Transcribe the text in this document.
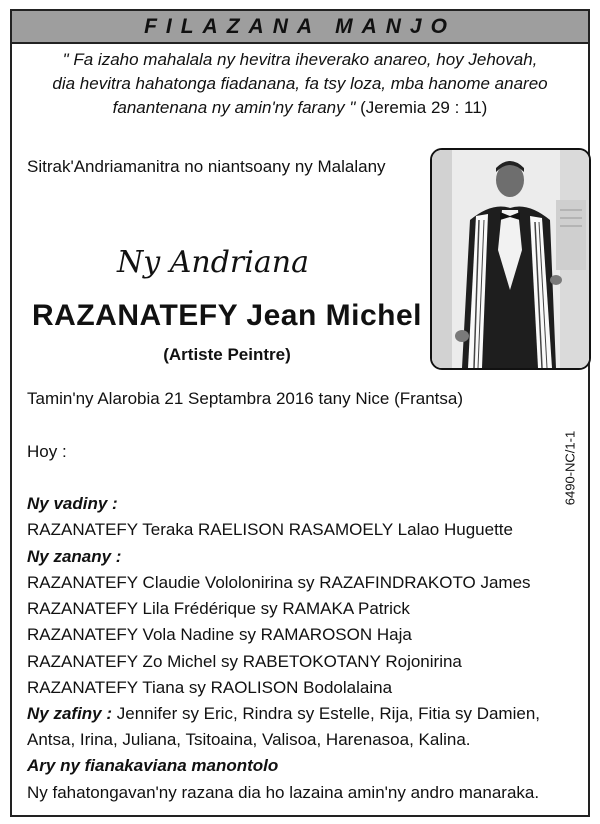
FILAZANA MANJO
" Fa izaho mahalala ny hevitra iheverako anareo, hoy Jehovah,
dia hevitra hahatonga fiadanana, fa tsy loza, mba hanome anareo
fanantenana ny amin'ny farany " (Jeremia 29 : 11)
Sitrak'Andriamanitra no niantsoany ny Malalany
Ny Andriana
RAZANATEFY Jean Michel
(Artiste Peintre)
Tamin'ny Alarobia 21 Septambra 2016 tany Nice (Frantsa)
Hoy :	6490-NC/1-1
Ny vadiny :
RAZANATEFY Teraka RAELISON RASAMOELY Lalao Huguette
Ny zanany :
RAZANATEFY Claudie Vololonirina sy RAZAFINDRAKOTO James
RAZANATEFY Lila Frédérique sy RAMAKA Patrick
RAZANATEFY Vola Nadine sy RAMAROSON Haja
RAZANATEFY Zo Michel sy RABETOKOTANY Rojonirina
RAZANATEFY Tiana sy RAOLISON Bodolalaina
Ny zafiny : Jennifer sy Eric, Rindra sy Estelle, Rija, Fitia sy Damien,
Antsa, Irina, Juliana, Tsitoaina, Valisoa, Harenasoa, Kalina.
Ary ny fianakaviana manontolo
Ny fahatongavan'ny razana dia ho lazaina amin'ny andro manaraka.
